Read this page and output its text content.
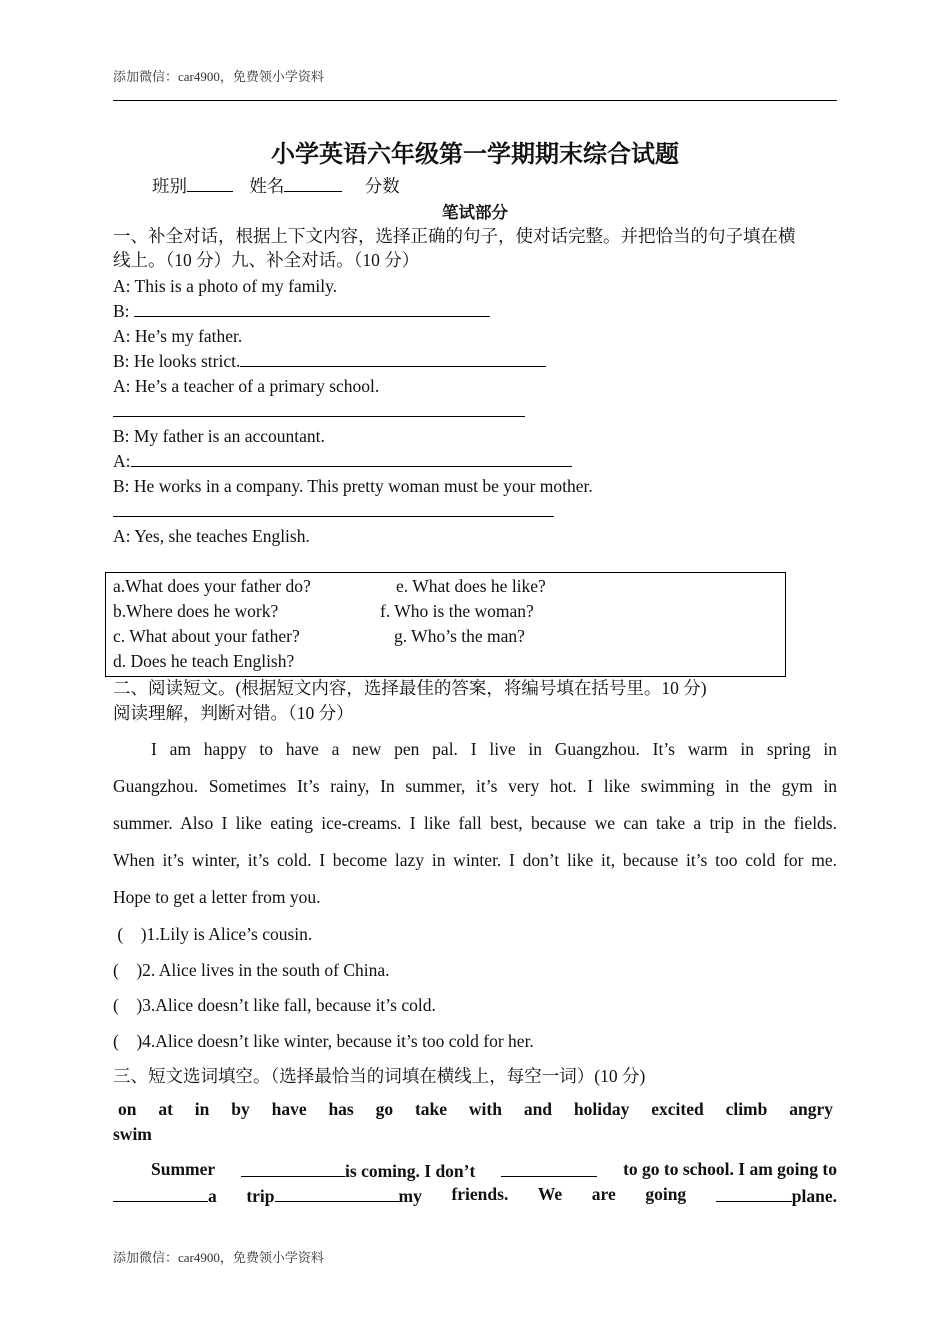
添加微信：car4900，免费领小学资料
小学英语六年级第一学期期末综合试题
班别	姓名	分数
笔试部分
一、补全对话，根据上下文内容，选择正确的句子，使对话完整。并把恰当的句子填在横
线上。（10 分）九、补全对话。（10 分）
A: This is a photo of my family.
B:
A: He’s my father.
B: He looks strict.
A: He’s a teacher of a primary school.
B: My father is an accountant.
A:
B: He works in a company. This pretty woman must be your mother.
A: Yes, she teaches English.
a.What does your father do?	e. What does he like?
b.Where does he work?	f. Who is the woman?
c. What about your father?	g. Who’s the man?
d. Does he teach English?
二、阅读短文。(根据短文内容，选择最佳的答案，将编号填在括号里。10 分)
阅读理解，判断对错。（10 分）
I am happy to have a new pen pal. I live in Guangzhou. It’s warm in spring in
Guangzhou. Sometimes It’s rainy, In summer, it’s very hot. I like swimming in the gym in
summer. Also I like eating ice-creams. I like fall best, because we can take a trip in the fields.
When it’s winter, it’s cold. I become lazy in winter. I don’t like it, because it’s too cold for me.
Hope to get a letter from you.
(    )1.Lily is Alice’s cousin.
(    )2. Alice lives in the south of China.
(    )3.Alice doesn’t like fall, because it’s cold.
(    )4.Alice doesn’t like winter, because it’s too cold for her.
三、短文选词填空。（选择最恰当的词填在横线上，每空一词）(10 分)
on at in by have has go take with and holiday excited climb angry
swim
Summer	is coming. I don’t	to go to school. I am going to
a trip	my friends. We are going	plane.
添加微信：car4900，免费领小学资料
